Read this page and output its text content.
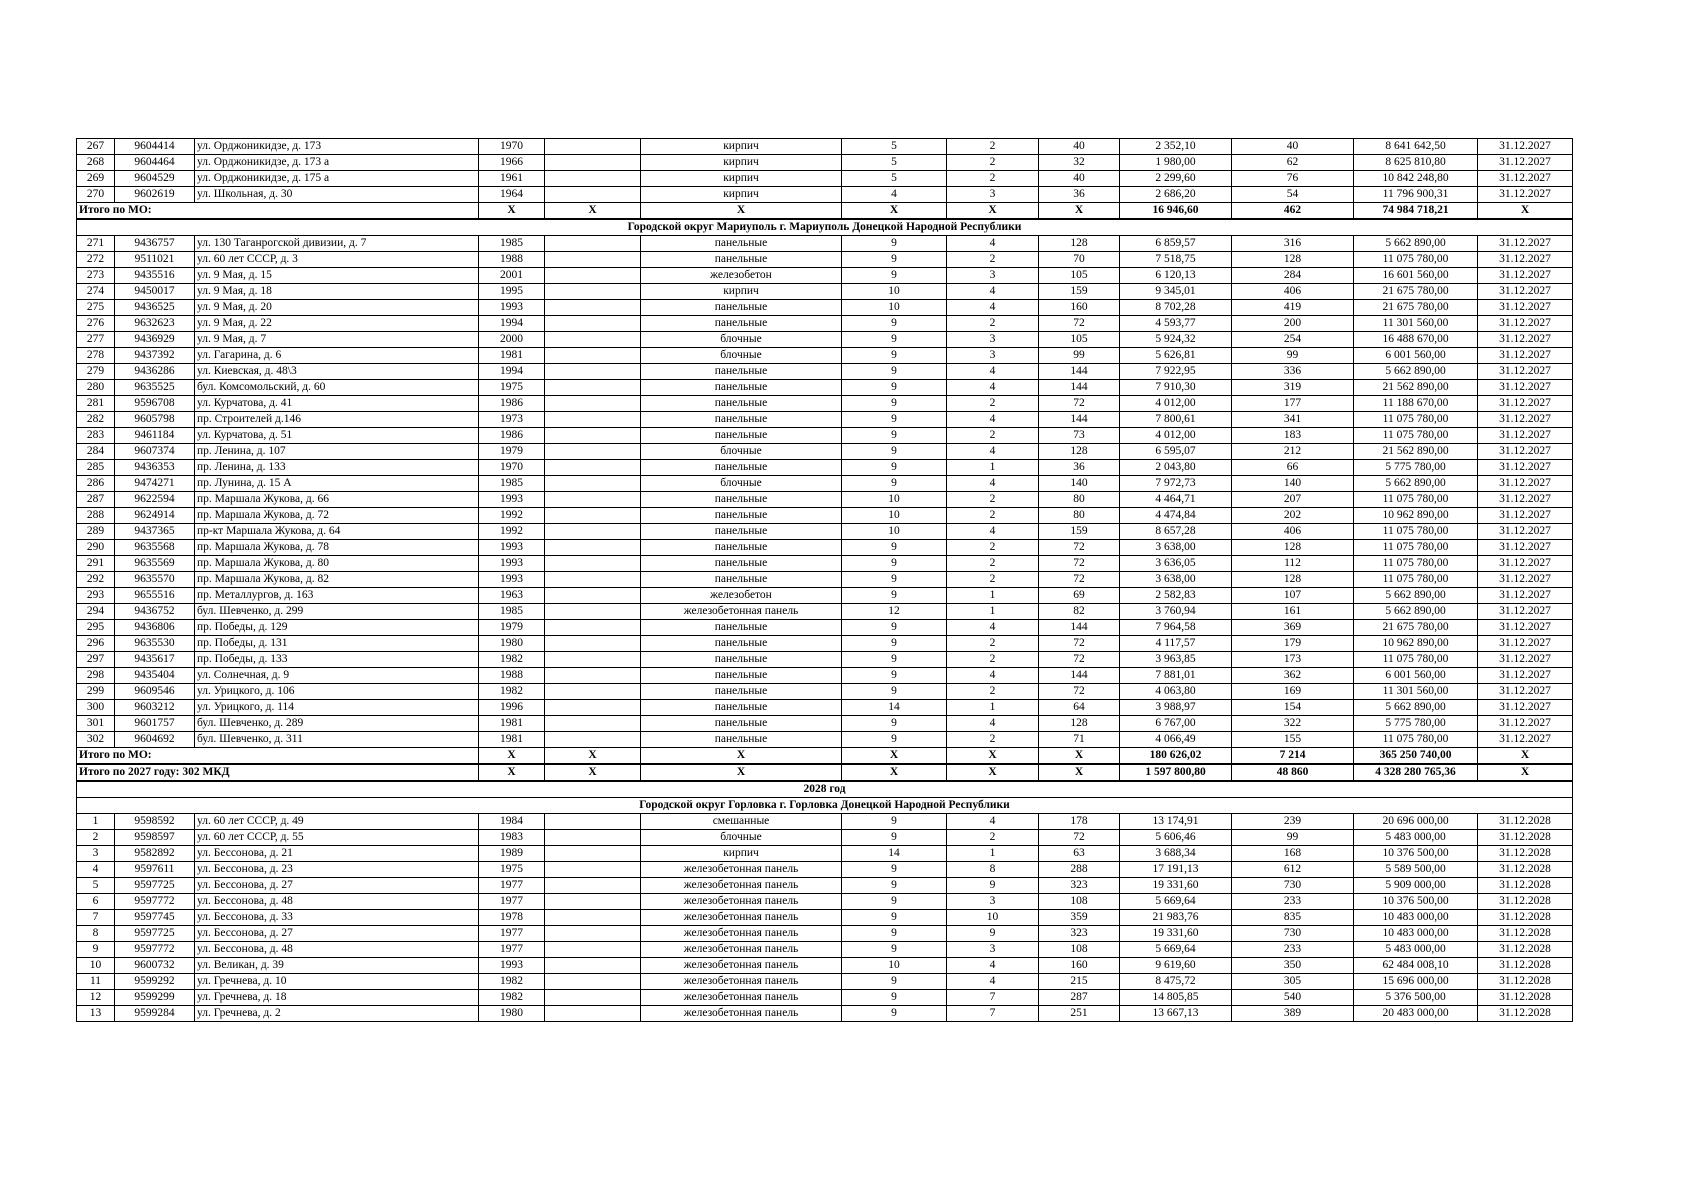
267	9604414	ул. Орджоникидзе, д. 173	1970		кирпич	5	2	40	2 352,10	40	8 641 642,50	31.12.2027
268	9604464	ул. Орджоникидзе, д. 173 а	1966		кирпич	5	2	32	1 980,00	62	8 625 810,80	31.12.2027
269	9604529	ул. Орджоникидзе, д. 175 а	1961		кирпич	5	2	40	2 299,60	76	10 842 248,80	31.12.2027
270	9602619	ул. Школьная, д. 30	1964		кирпич	4	3	36	2 686,20	54	11 796 900,31	31.12.2027
Итого по МО:			X	X	X	X	X	X	16 946,60	462	74 984 718,21	X
Городской округ Мариуполь г. Мариуполь Донецкой Народной Республики												
271	9436757	ул. 130 Таганрогской дивизии, д. 7	1985		панельные	9	4	128	6 859,57	316	5 662 890,00	31.12.2027
272	9511021	ул. 60 лет СССР, д. 3	1988		панельные	9	2	70	7 518,75	128	11 075 780,00	31.12.2027
273	9435516	ул. 9 Мая, д. 15	2001		железобетон	9	3	105	6 120,13	284	16 601 560,00	31.12.2027
274	9450017	ул. 9 Мая, д. 18	1995		кирпич	10	4	159	9 345,01	406	21 675 780,00	31.12.2027
275	9436525	ул. 9 Мая, д. 20	1993		панельные	10	4	160	8 702,28	419	21 675 780,00	31.12.2027
276	9632623	ул. 9 Мая, д. 22	1994		панельные	9	2	72	4 593,77	200	11 301 560,00	31.12.2027
277	9436929	ул. 9 Мая, д. 7	2000		блочные	9	3	105	5 924,32	254	16 488 670,00	31.12.2027
278	9437392	ул. Гагарина, д. 6	1981		блочные	9	3	99	5 626,81	99	6 001 560,00	31.12.2027
279	9436286	ул. Киевская, д. 48\3	1994		панельные	9	4	144	7 922,95	336	5 662 890,00	31.12.2027
280	9635525	бул. Комсомольский, д. 60	1975		панельные	9	4	144	7 910,30	319	21 562 890,00	31.12.2027
281	9596708	ул. Курчатова, д. 41	1986		панельные	9	2	72	4 012,00	177	11 188 670,00	31.12.2027
282	9605798	пр. Строителей д.146	1973		панельные	9	4	144	7 800,61	341	11 075 780,00	31.12.2027
283	9461184	ул. Курчатова, д. 51	1986		панельные	9	2	73	4 012,00	183	11 075 780,00	31.12.2027
284	9607374	пр. Ленина, д. 107	1979		блочные	9	4	128	6 595,07	212	21 562 890,00	31.12.2027
285	9436353	пр. Ленина, д. 133	1970		панельные	9	1	36	2 043,80	66	5 775 780,00	31.12.2027
286	9474271	пр. Лунина, д. 15 А	1985		блочные	9	4	140	7 972,73	140	5 662 890,00	31.12.2027
287	9622594	пр. Маршала Жукова, д. 66	1993		панельные	10	2	80	4 464,71	207	11 075 780,00	31.12.2027
288	9624914	пр. Маршала Жукова, д. 72	1992		панельные	10	2	80	4 474,84	202	10 962 890,00	31.12.2027
289	9437365	пр-кт Маршала Жукова, д. 64	1992		панельные	10	4	159	8 657,28	406	11 075 780,00	31.12.2027
290	9635568	пр. Маршала Жукова, д. 78	1993		панельные	9	2	72	3 638,00	128	11 075 780,00	31.12.2027
291	9635569	пр. Маршала Жукова, д. 80	1993		панельные	9	2	72	3 636,05	112	11 075 780,00	31.12.2027
292	9635570	пр. Маршала Жукова, д. 82	1993		панельные	9	2	72	3 638,00	128	11 075 780,00	31.12.2027
293	9655516	пр. Металлургов, д. 163	1963		железобетон	9	1	69	2 582,83	107	5 662 890,00	31.12.2027
294	9436752	бул. Шевченко, д. 299	1985		железобетонная панель	12	1	82	3 760,94	161	5 662 890,00	31.12.2027
295	9436806	пр. Победы, д. 129	1979		панельные	9	4	144	7 964,58	369	21 675 780,00	31.12.2027
296	9635530	пр. Победы, д. 131	1980		панельные	9	2	72	4 117,57	179	10 962 890,00	31.12.2027
297	9435617	пр. Победы, д. 133	1982		панельные	9	2	72	3 963,85	173	11 075 780,00	31.12.2027
298	9435404	ул. Солнечная, д. 9	1988		панельные	9	4	144	7 881,01	362	6 001 560,00	31.12.2027
299	9609546	ул. Урицкого, д. 106	1982		панельные	9	2	72	4 063,80	169	11 301 560,00	31.12.2027
300	9603212	ул. Урицкого, д. 114	1996		панельные	14	1	64	3 988,97	154	5 662 890,00	31.12.2027
301	9601757	бул. Шевченко, д. 289	1981		панельные	9	4	128	6 767,00	322	5 775 780,00	31.12.2027
302	9604692	бул. Шевченко, д. 311	1981		панельные	9	2	71	4 066,49	155	11 075 780,00	31.12.2027
Итого по МО:			X	X	X	X	X	X	180 626,02	7 214	365 250 740,00	X
Итого по 2027 году: 302 МКД			X	X	X	X	X	X	1 597 800,80	48 860	4 328 280 765,36	X
2028 год												
Городской округ Горловка г. Горловка Донецкой Народной Республики												
1	9598592	ул. 60 лет СССР, д. 49	1984		смешанные	9	4	178	13 174,91	239	20 696 000,00	31.12.2028
2	9598597	ул. 60 лет СССР, д. 55	1983		блочные	9	2	72	5 606,46	99	5 483 000,00	31.12.2028
3	9582892	ул. Бессонова, д. 21	1989		кирпич	14	1	63	3 688,34	168	10 376 500,00	31.12.2028
4	9597611	ул. Бессонова, д. 23	1975		железобетонная панель	9	8	288	17 191,13	612	5 589 500,00	31.12.2028
5	9597725	ул. Бессонова, д. 27	1977		железобетонная панель	9	9	323	19 331,60	730	5 909 000,00	31.12.2028
6	9597772	ул. Бессонова, д. 48	1977		железобетонная панель	9	3	108	5 669,64	233	10 376 500,00	31.12.2028
7	9597745	ул. Бессонова, д. 33	1978		железобетонная панель	9	10	359	21 983,76	835	10 483 000,00	31.12.2028
8	9597725	ул. Бессонова, д. 27	1977		железобетонная панель	9	9	323	19 331,60	730	10 483 000,00	31.12.2028
9	9597772	ул. Бессонова, д. 48	1977		железобетонная панель	9	3	108	5 669,64	233	5 483 000,00	31.12.2028
10	9600732	ул. Великан, д. 39	1993		железобетонная панель	10	4	160	9 619,60	350	62 484 008,10	31.12.2028
11	9599292	ул. Гречнева, д. 10	1982		железобетонная панель	9	4	215	8 475,72	305	15 696 000,00	31.12.2028
12	9599299	ул. Гречнева, д. 18	1982		железобетонная панель	9	7	287	14 805,85	540	5 376 500,00	31.12.2028
13	9599284	ул. Гречнева, д. 2	1980		железобетонная панель	9	7	251	13 667,13	389	20 483 000,00	31.12.2028
